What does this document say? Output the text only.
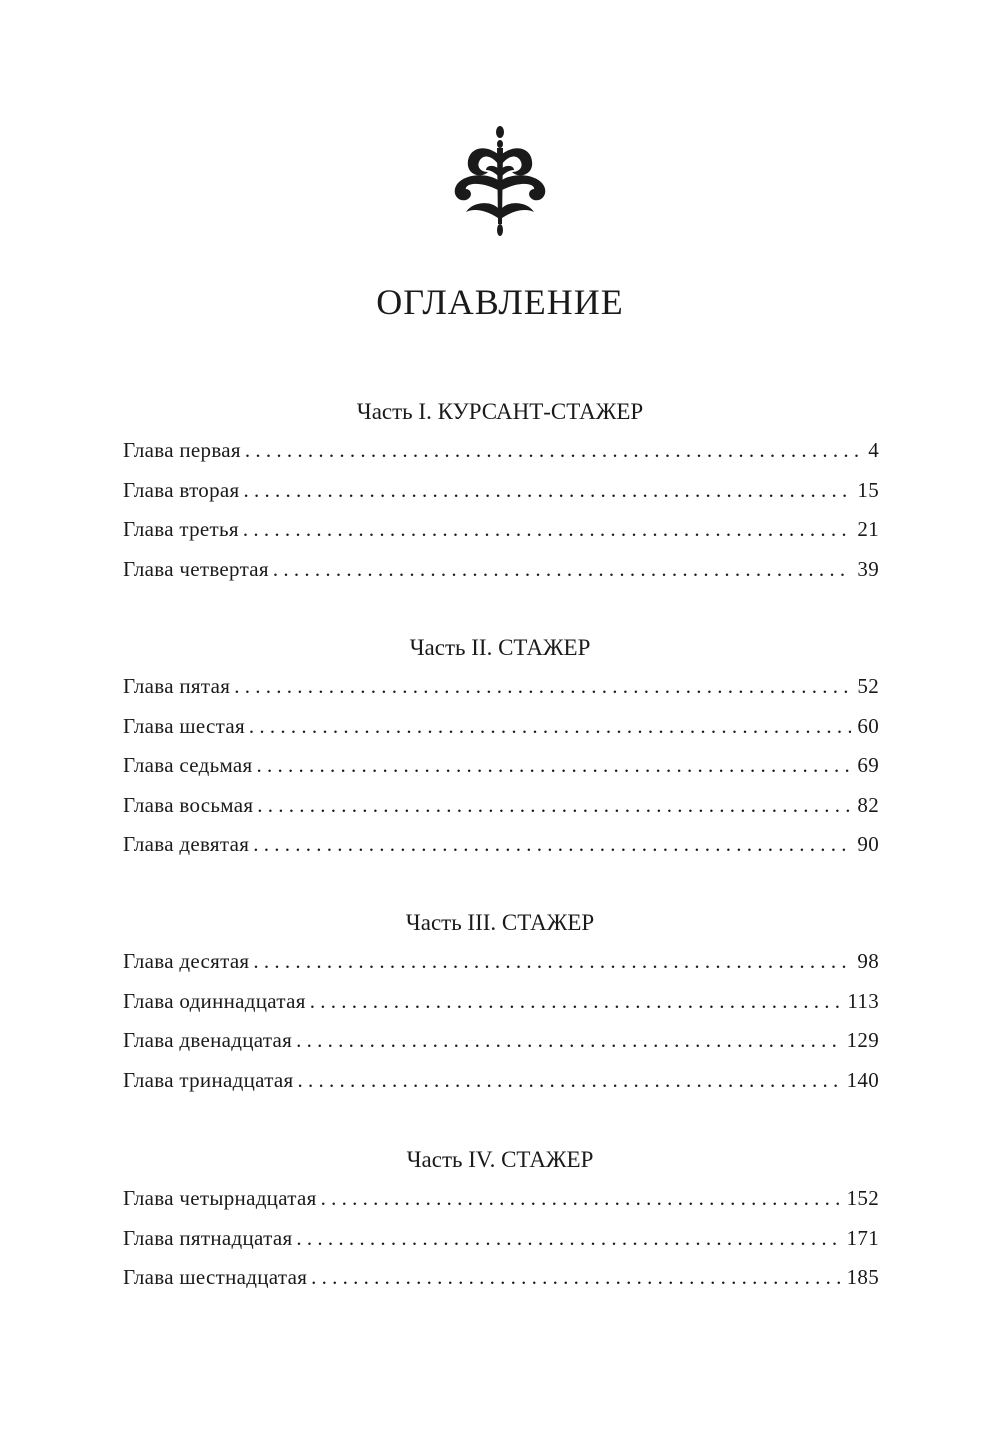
ОГЛАВЛЕНИЕ
Часть I. КУРСАНТ-СТАЖЕР
Глава первая . . .	4
Глава вторая . . .	15
Глава третья . . .	21
Глава четвертая . . .	39
Часть II. СТАЖЕР
Глава пятая . . .	52
Глава шестая . . .	60
Глава седьмая . . .	69
Глава восьмая . . .	82
Глава девятая . . .	90
Часть III. СТАЖЕР
Глава десятая . . .	98
Глава одиннадцатая . . .	113
Глава двенадцатая . . .	129
Глава тринадцатая . . .	140
Часть IV. СТАЖЕР
Глава четырнадцатая . . .	152
Глава пятнадцатая . . .	171
Глава шестнадцатая . . .	185
